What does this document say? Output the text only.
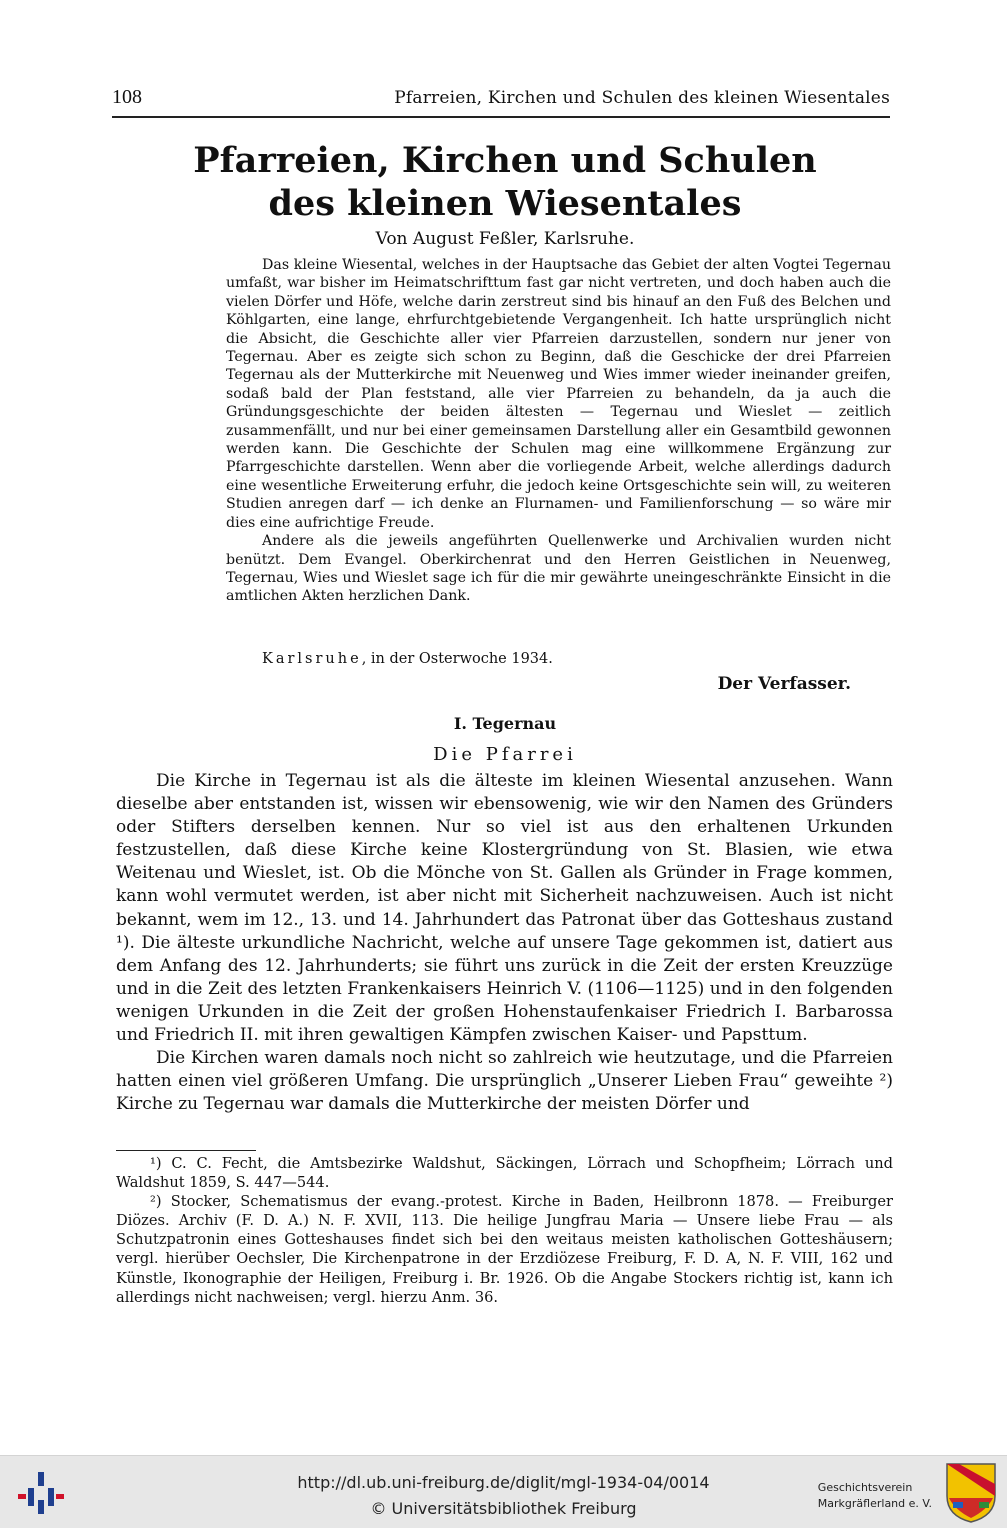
108	Pfarreien, Kirchen und Schulen des kleinen Wiesentales
Pfarreien, Kirchen und Schulen
des kleinen Wiesentales
Von August Feßler, Karlsruhe.

Das kleine Wiesental, welches in der Hauptsache das Gebiet der alten Vogtei Tegernau umfaßt, war bisher im Heimatschrifttum fast gar nicht vertreten, und doch haben auch die vielen Dörfer und Höfe, welche darin zerstreut sind bis hinauf an den Fuß des Belchen und Köhlgarten, eine lange, ehrfurchtgebietende Vergangenheit. Ich hatte ursprünglich nicht die Absicht, die Geschichte aller vier Pfarreien darzustellen, sondern nur jener von Tegernau. Aber es zeigte sich schon zu Beginn, daß die Geschicke der drei Pfarreien Tegernau als der Mutterkirche mit Neuenweg und Wies immer wieder ineinander greifen, sodaß bald der Plan feststand, alle vier Pfarreien zu behandeln, da ja auch die Gründungsgeschichte der beiden ältesten — Tegernau und Wieslet — zeitlich zusammenfällt, und nur bei einer gemeinsamen Darstellung aller ein Gesamtbild gewonnen werden kann. Die Geschichte der Schulen mag eine willkommene Ergänzung zur Pfarrgeschichte darstellen. Wenn aber die vorliegende Arbeit, welche allerdings dadurch eine wesentliche Erweiterung erfuhr, die jedoch keine Ortsgeschichte sein will, zu weiteren Studien anregen darf — ich denke an Flurnamen- und Familienforschung — so wäre mir dies eine aufrichtige Freude.

Andere als die jeweils angeführten Quellenwerke und Archivalien wurden nicht benützt. Dem Evangel. Oberkirchenrat und den Herren Geistlichen in Neuenweg, Tegernau, Wies und Wieslet sage ich für die mir gewährte uneingeschränkte Einsicht in die amtlichen Akten herzlichen Dank.

Karlsruhe, in der Osterwoche 1934.
Der Verfasser.
I. Tegernau
Die Pfarrei

Die Kirche in Tegernau ist als die älteste im kleinen Wiesental anzusehen. Wann dieselbe aber entstanden ist, wissen wir ebensowenig, wie wir den Namen des Gründers oder Stifters derselben kennen. Nur so viel ist aus den erhaltenen Urkunden festzustellen, daß diese Kirche keine Klostergründung von St. Blasien, wie etwa Weitenau und Wieslet, ist. Ob die Mönche von St. Gallen als Gründer in Frage kommen, kann wohl vermutet werden, ist aber nicht mit Sicherheit nachzuweisen. Auch ist nicht bekannt, wem im 12., 13. und 14. Jahrhundert das Patronat über das Gotteshaus zustand ¹). Die älteste urkundliche Nachricht, welche auf unsere Tage gekommen ist, datiert aus dem Anfang des 12. Jahrhunderts; sie führt uns zurück in die Zeit der ersten Kreuzzüge und in die Zeit des letzten Frankenkaisers Heinrich V. (1106—1125) und in den folgenden wenigen Urkunden in die Zeit der großen Hohenstaufenkaiser Friedrich I. Barbarossa und Friedrich II. mit ihren gewaltigen Kämpfen zwischen Kaiser- und Papsttum.

Die Kirchen waren damals noch nicht so zahlreich wie heutzutage, und die Pfarreien hatten einen viel größeren Umfang. Die ursprünglich „Unserer Lieben Frau“ geweihte ²) Kirche zu Tegernau war damals die Mutterkirche der meisten Dörfer und

¹) C. C. Fecht, die Amtsbezirke Waldshut, Säckingen, Lörrach und Schopfheim; Lörrach und Waldshut 1859, S. 447—544.

²) Stocker, Schematismus der evang.-protest. Kirche in Baden, Heilbronn 1878. — Freiburger Diözes. Archiv (F. D. A.) N. F. XVII, 113. Die heilige Jungfrau Maria — Unsere liebe Frau — als Schutzpatronin eines Gotteshauses findet sich bei den weitaus meisten katholischen Gotteshäusern; vergl. hierüber Oechsler, Die Kirchenpatrone in der Erzdiözese Freiburg, F. D. A, N. F. VIII, 162 und Künstle, Ikonographie der Heiligen, Freiburg i. Br. 1926. Ob die Angabe Stockers richtig ist, kann ich allerdings nicht nachweisen; vergl. hierzu Anm. 36.

http://dl.ub.uni-freiburg.de/diglit/mgl-1934-04/0014
© Universitätsbibliothek Freiburg
Geschichtsverein
Markgräflerland e. V.
